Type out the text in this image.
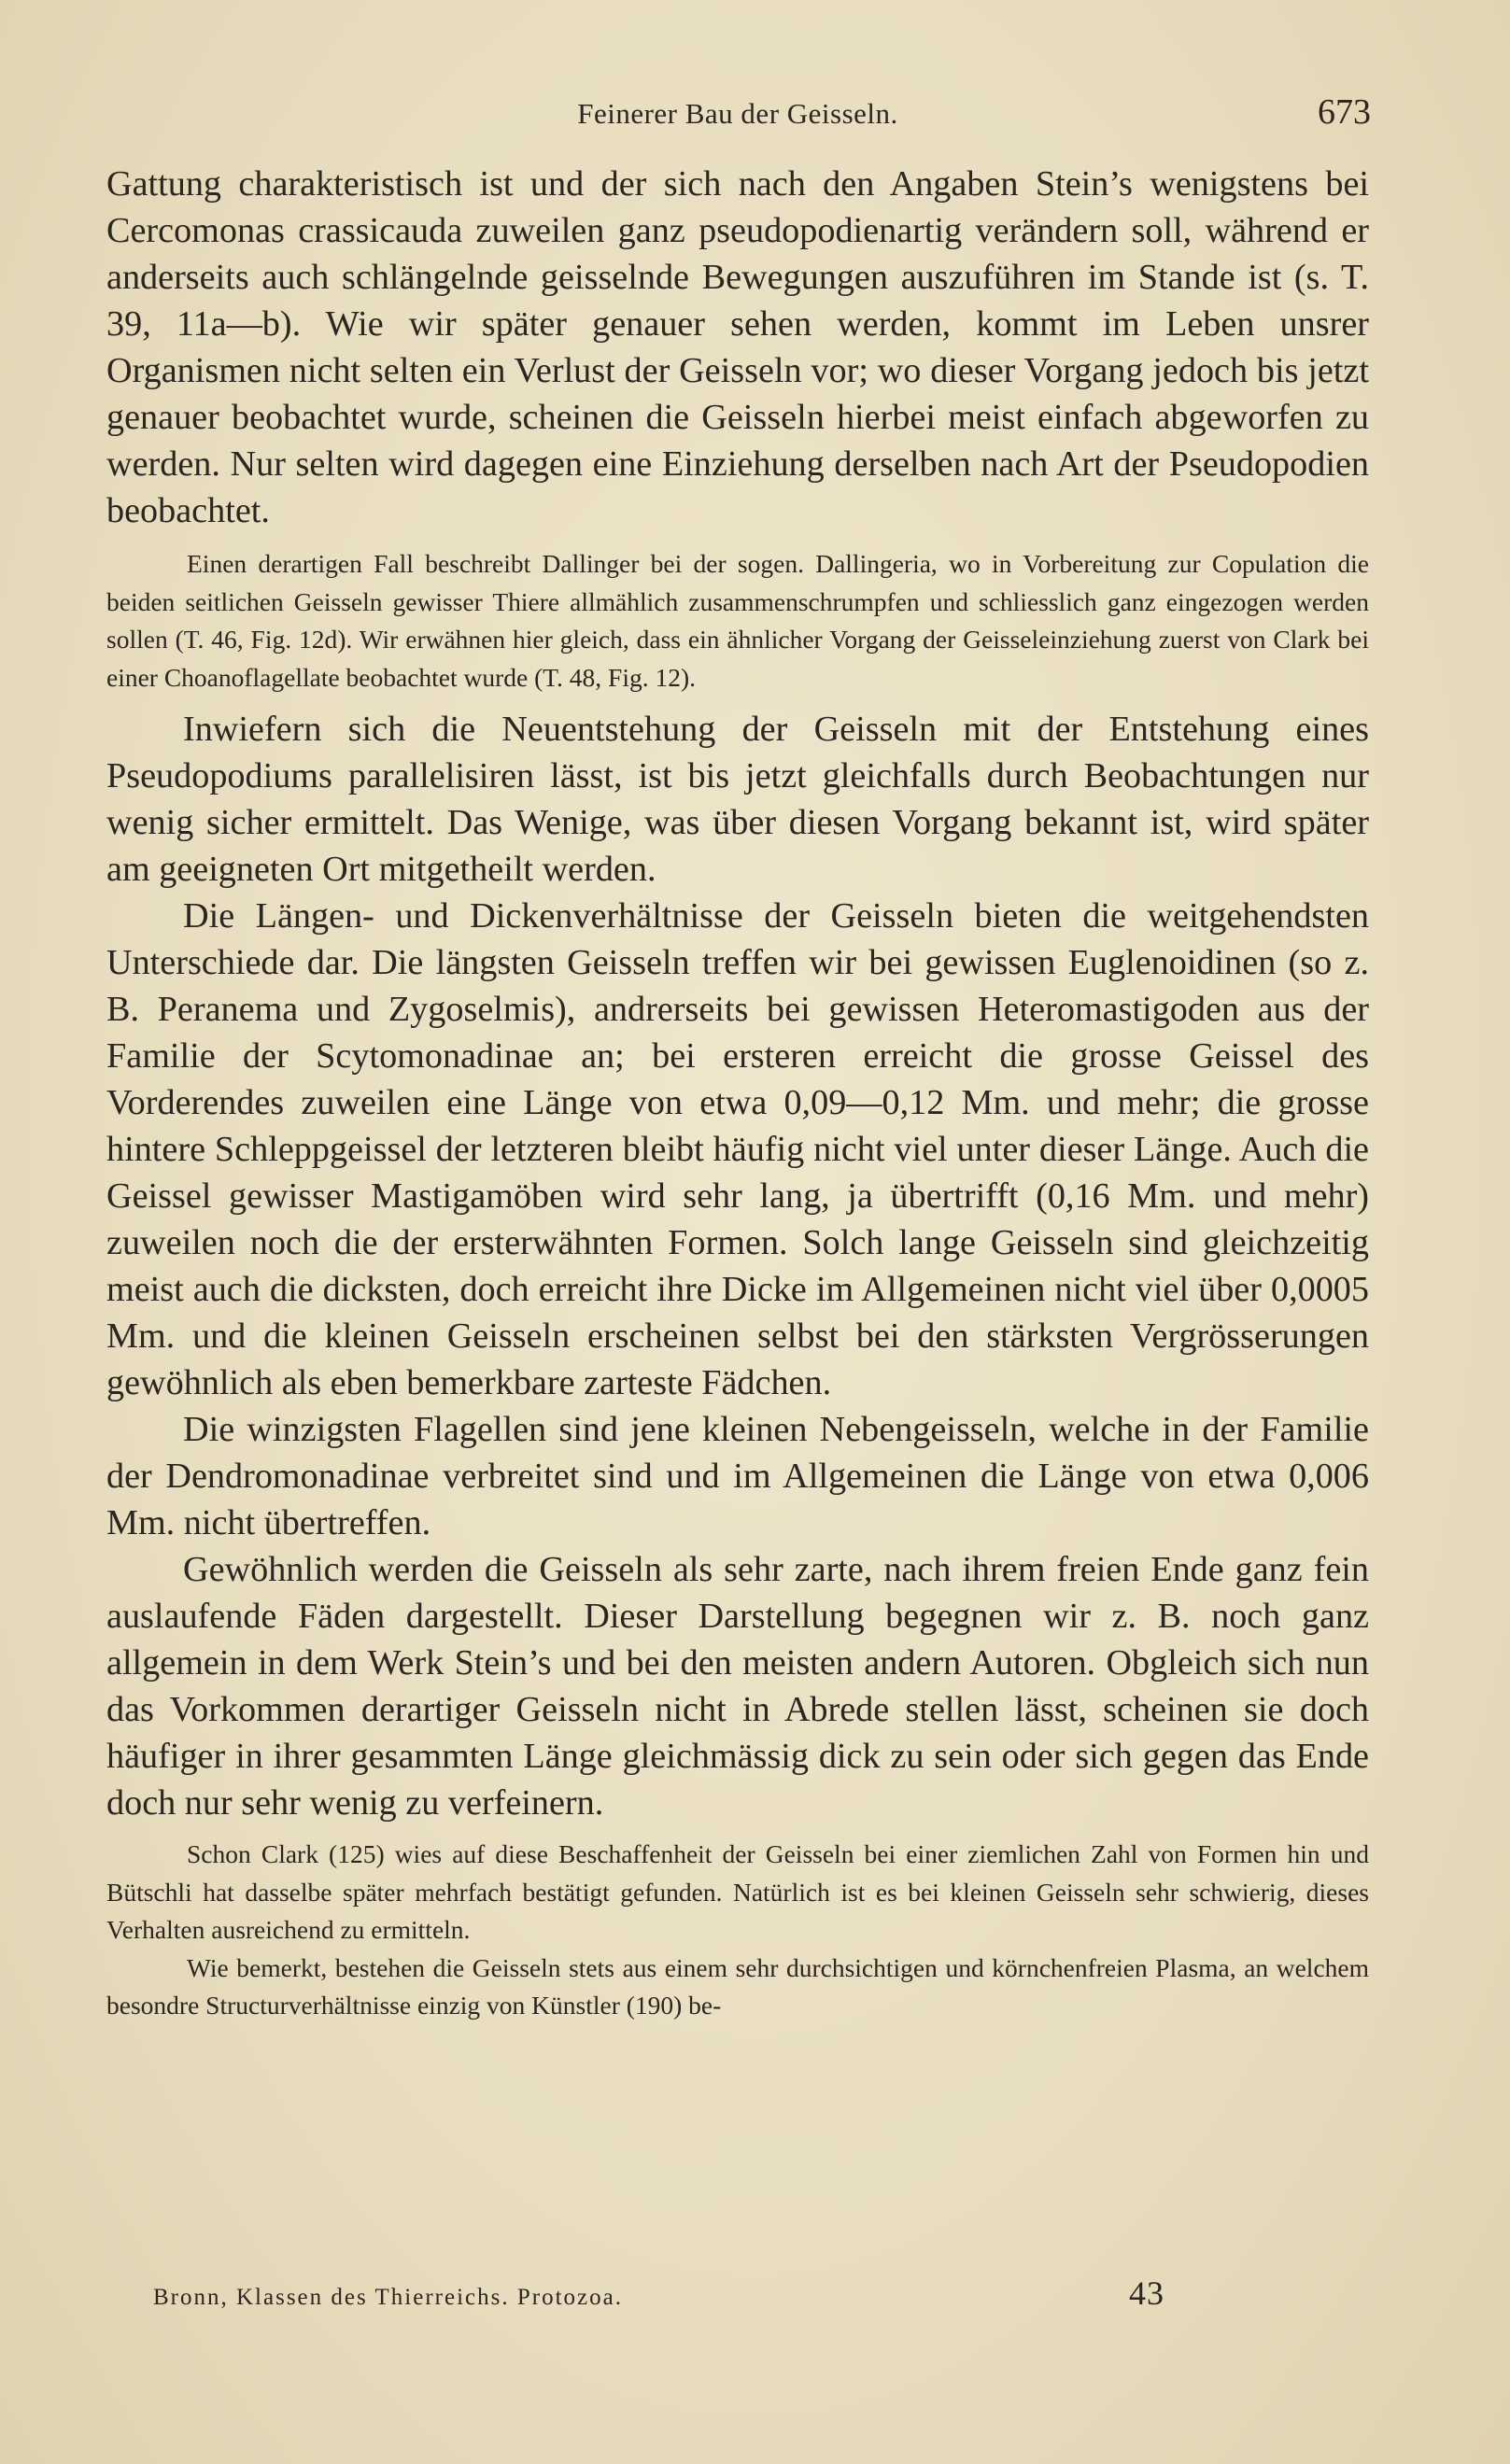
Feinerer Bau der Geisseln.	673

Gattung charakteristisch ist und der sich nach den Angaben Stein’s wenigstens bei Cercomonas crassicauda zuweilen ganz pseudopodienartig verändern soll, während er anderseits auch schlängelnde geisselnde Bewegungen auszuführen im Stande ist (s. T. 39, 11a—b). Wie wir später genauer sehen werden, kommt im Leben unsrer Organismen nicht selten ein Verlust der Geisseln vor; wo dieser Vorgang jedoch bis jetzt genauer beobachtet wurde, scheinen die Geisseln hierbei meist einfach abgeworfen zu werden. Nur selten wird dagegen eine Einziehung derselben nach Art der Pseudopodien beobachtet.

Einen derartigen Fall beschreibt Dallinger bei der sogen. Dallingeria, wo in Vorbereitung zur Copulation die beiden seitlichen Geisseln gewisser Thiere allmählich zusammenschrumpfen und schliesslich ganz eingezogen werden sollen (T. 46, Fig. 12d). Wir erwähnen hier gleich, dass ein ähnlicher Vorgang der Geisseleinziehung zuerst von Clark bei einer Choanoflagellate beobachtet wurde (T. 48, Fig. 12).

Inwiefern sich die Neuentstehung der Geisseln mit der Entstehung eines Pseudopodiums parallelisiren lässt, ist bis jetzt gleichfalls durch Beobachtungen nur wenig sicher ermittelt. Das Wenige, was über diesen Vorgang bekannt ist, wird später am geeigneten Ort mitgetheilt werden.

Die Längen- und Dickenverhältnisse der Geisseln bieten die weitgehendsten Unterschiede dar. Die längsten Geisseln treffen wir bei gewissen Euglenoidinen (so z. B. Peranema und Zygoselmis), andrerseits bei gewissen Heteromastigoden aus der Familie der Scytomonadinae an; bei ersteren erreicht die grosse Geissel des Vorderendes zuweilen eine Länge von etwa 0,09—0,12 Mm. und mehr; die grosse hintere Schleppgeissel der letzteren bleibt häufig nicht viel unter dieser Länge. Auch die Geissel gewisser Mastigamöben wird sehr lang, ja übertrifft (0,16 Mm. und mehr) zuweilen noch die der ersterwähnten Formen. Solch lange Geisseln sind gleichzeitig meist auch die dicksten, doch erreicht ihre Dicke im Allgemeinen nicht viel über 0,0005 Mm. und die kleinen Geisseln erscheinen selbst bei den stärksten Vergrösserungen gewöhnlich als eben bemerkbare zarteste Fädchen.

Die winzigsten Flagellen sind jene kleinen Nebengeisseln, welche in der Familie der Dendromonadinae verbreitet sind und im Allgemeinen die Länge von etwa 0,006 Mm. nicht übertreffen.

Gewöhnlich werden die Geisseln als sehr zarte, nach ihrem freien Ende ganz fein auslaufende Fäden dargestellt. Dieser Darstellung begegnen wir z. B. noch ganz allgemein in dem Werk Stein’s und bei den meisten andern Autoren. Obgleich sich nun das Vorkommen derartiger Geisseln nicht in Abrede stellen lässt, scheinen sie doch häufiger in ihrer gesammten Länge gleichmässig dick zu sein oder sich gegen das Ende doch nur sehr wenig zu verfeinern.

Schon Clark (125) wies auf diese Beschaffenheit der Geisseln bei einer ziemlichen Zahl von Formen hin und Bütschli hat dasselbe später mehrfach bestätigt gefunden. Natürlich ist es bei kleinen Geisseln sehr schwierig, dieses Verhalten ausreichend zu ermitteln.

Wie bemerkt, bestehen die Geisseln stets aus einem sehr durchsichtigen und körnchenfreien Plasma, an welchem besondre Structurverhältnisse einzig von Künstler (190) be-

Bronn, Klassen des Thierreichs. Protozoa.	43
